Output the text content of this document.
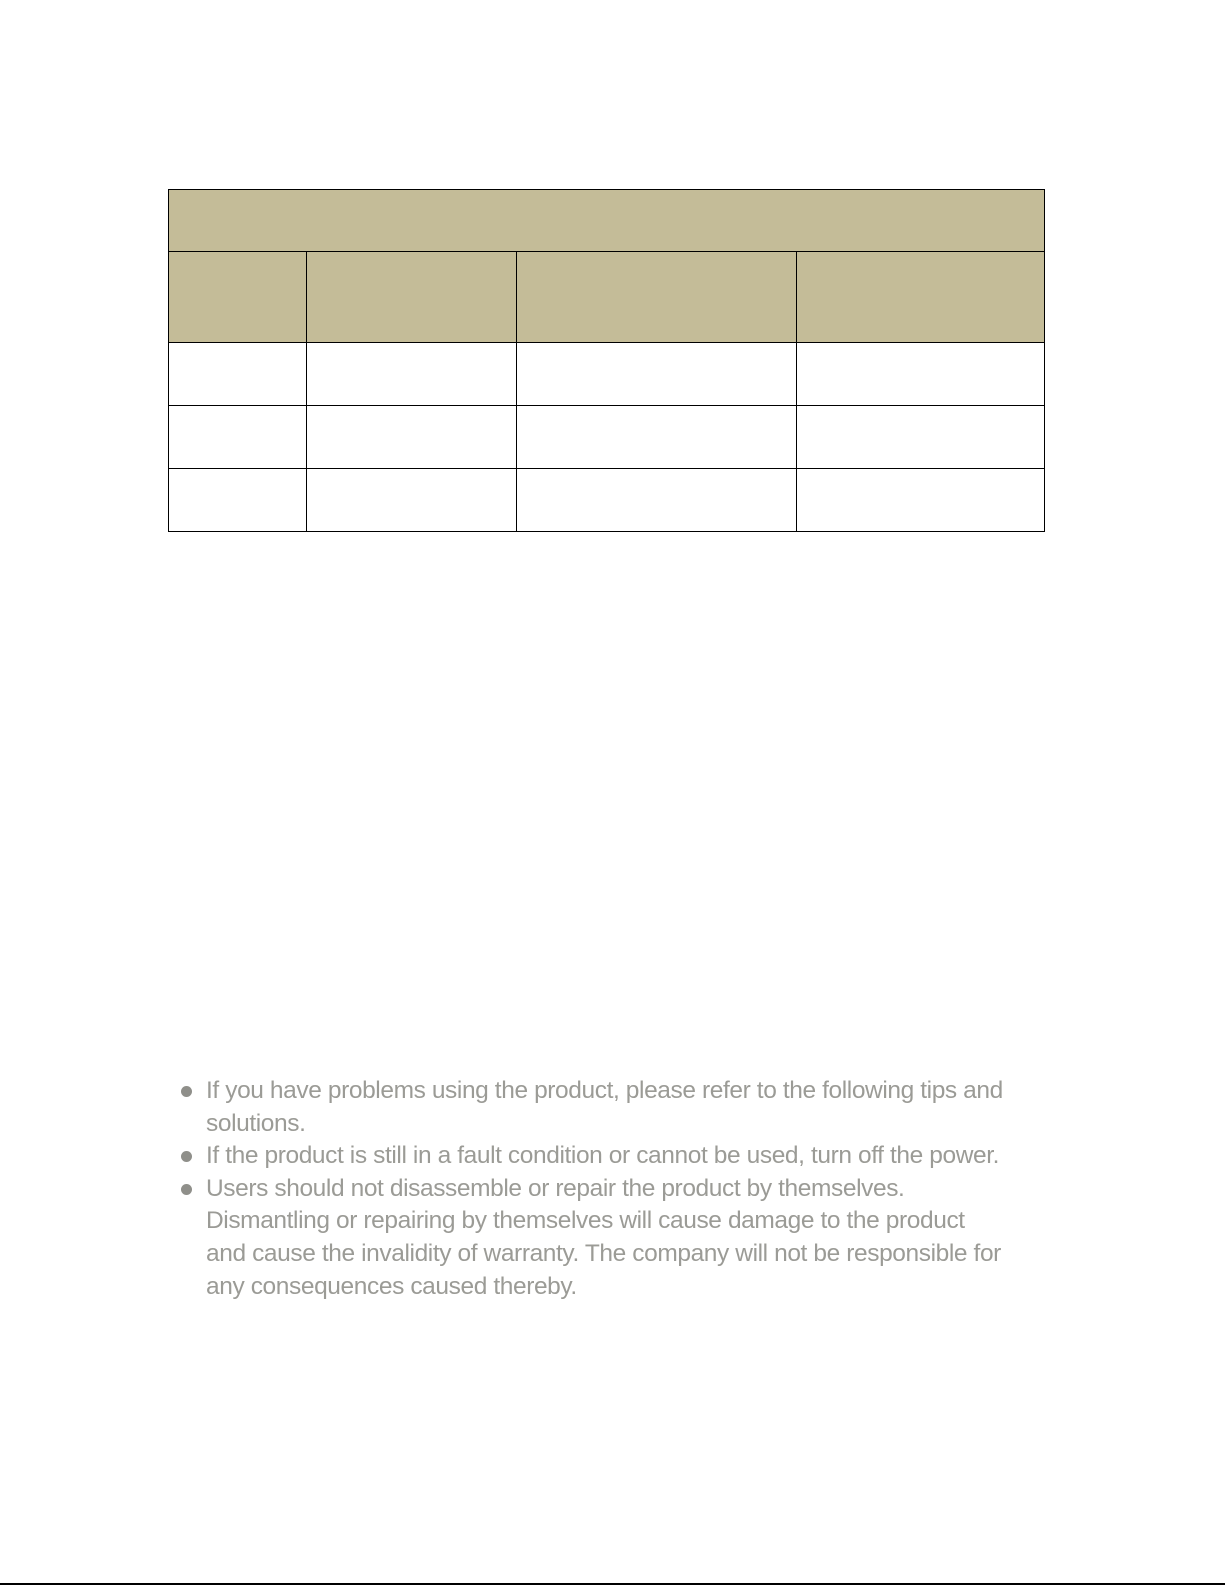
If you have problems using the product, please refer to the following tips and solutions.
If the product is still in a fault condition or cannot be used, turn off the power.
Users should not disassemble or repair the product by themselves. Dismantling or repairing by themselves will cause damage to the product and cause the invalidity of warranty. The company will not be responsible for any consequences caused thereby.
